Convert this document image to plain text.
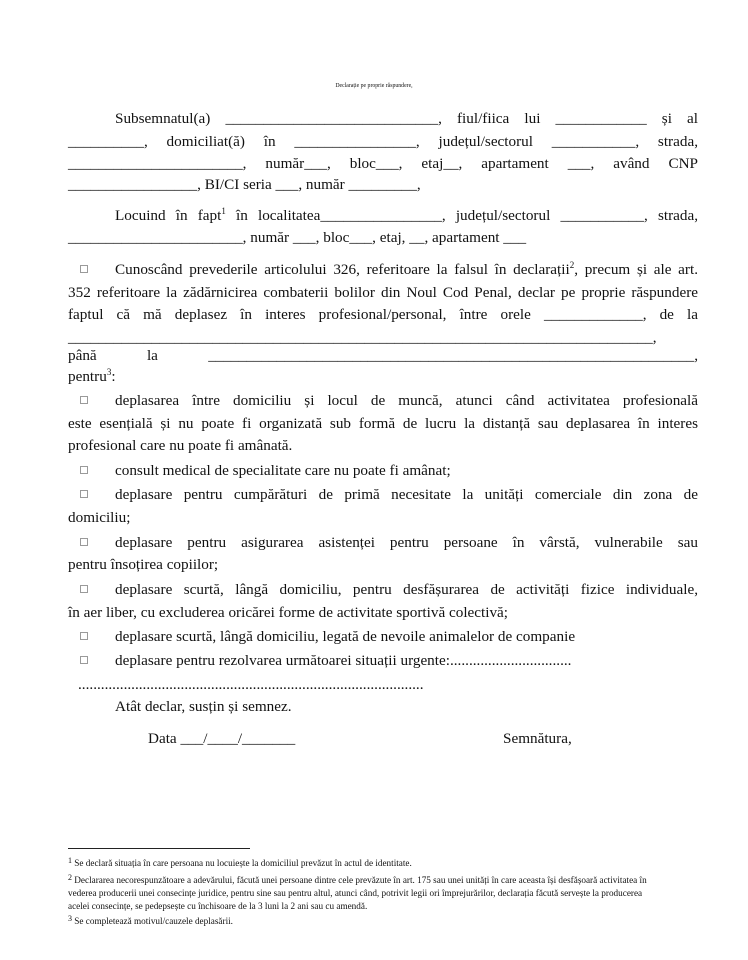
Declarație pe proprie răspundere,
Subsemnatul(a) ____________________________, fiul/fiica lui ____________ și al
__________, domiciliat(ă) în ________________, județul/sectorul ___________, strada,
_______________________, număr___, bloc___, etaj__, apartament ___, având CNP
_________________, BI/CI seria ___, număr _________,
Locuind în fapt$^1$ în localitatea________________, județul/sectorul ___________, strada,
_______________________, număr ___, bloc___, etaj, __, apartament ___
Cunoscând prevederile articolului 326, referitoare la falsul în declarații$^2$, precum și ale art.
352 referitoare la zădărnicirea combaterii bolilor din Noul Cod Penal, declar pe proprie răspundere
faptul că mă deplasez în interes profesional/personal, între orele _____________, de la
_____________________________________________________________________________,
până la ________________________________________________________________,
pentru$^3$:
deplasarea între domiciliu și locul de muncă, atunci când activitatea profesională
este esențială și nu poate fi organizată sub formă de lucru la distanță sau deplasarea în interes
profesional care nu poate fi amânată.
consult medical de specialitate care nu poate fi amânat;
deplasare pentru cumpărături de primă necesitate la unități comerciale din zona de
domiciliu;
deplasare pentru asigurarea asistenței pentru persoane în vârstă, vulnerabile sau
pentru însoțirea copiilor;
deplasare scurtă, lângă domiciliu, pentru desfășurarea de activități fizice individuale,
în aer liber, cu excluderea oricărei forme de activitate sportivă colectivă;
deplasare scurtă, lângă domiciliu, legată de nevoile animalelor de companie
deplasare pentru rezolvarea următoarei situații urgente:................................
...........................................................................................
Atât declar, susțin și semnez.
Data ___/____/_______	Semnătura,
$^1$ Se declară situația în care persoana nu locuiește la domiciliul prevăzut în actul de identitate.
$^2$ Declararea necorespunzătoare a adevărului, făcută unei persoane dintre cele prevăzute în art. 175 sau unei unități în care aceasta își desfășoară activitatea în
vederea producerii unei consecințe juridice, pentru sine sau pentru altul, atunci când, potrivit legii ori împrejurărilor, declarația făcută servește la producerea
acelei consecințe, se pedepsește cu închisoare de la 3 luni la 2 ani sau cu amendă.
$^3$ Se completează motivul/cauzele deplasării.
